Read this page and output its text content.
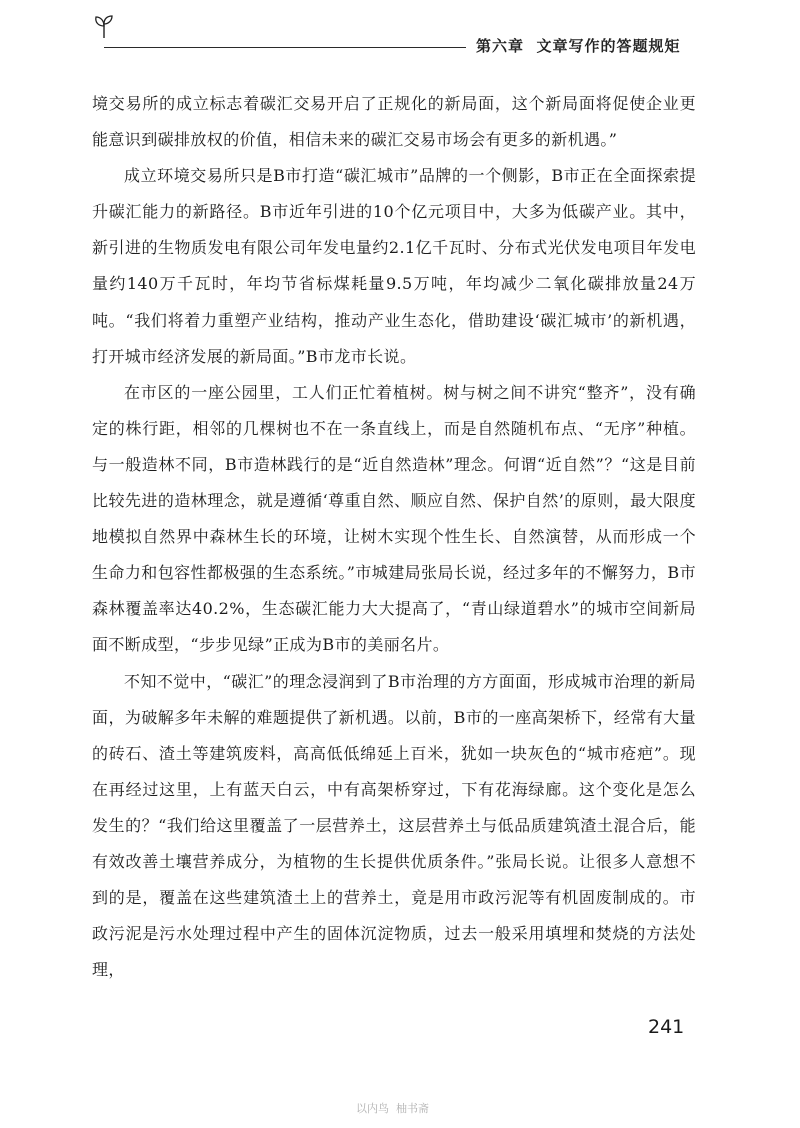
第六章  文章写作的答题规矩

境交易所的成立标志着碳汇交易开启了正规化的新局面，这个新局面将促使企业更能意识到碳排放权的价值，相信未来的碳汇交易市场会有更多的新机遇。”

成立环境交易所只是B市打造“碳汇城市”品牌的一个侧影，B市正在全面探索提升碳汇能力的新路径。B市近年引进的10个亿元项目中，大多为低碳产业。其中，新引进的生物质发电有限公司年发电量约2.1亿千瓦时、分布式光伏发电项目年发电量约140万千瓦时，年均节省标煤耗量9.5万吨，年均减少二氧化碳排放量24万吨。“我们将着力重塑产业结构，推动产业生态化，借助建设‘碳汇城市’的新机遇，打开城市经济发展的新局面。”B市龙市长说。

在市区的一座公园里，工人们正忙着植树。树与树之间不讲究“整齐”，没有确定的株行距，相邻的几棵树也不在一条直线上，而是自然随机布点、“无序”种植。与一般造林不同，B市造林践行的是“近自然造林”理念。何谓“近自然”？“这是目前比较先进的造林理念，就是遵循‘尊重自然、顺应自然、保护自然’的原则，最大限度地模拟自然界中森林生长的环境，让树木实现个性生长、自然演替，从而形成一个生命力和包容性都极强的生态系统。”市城建局张局长说，经过多年的不懈努力，B市森林覆盖率达40.2%，生态碳汇能力大大提高了，“青山绿道碧水”的城市空间新局面不断成型，“步步见绿”正成为B市的美丽名片。

不知不觉中，“碳汇”的理念浸润到了B市治理的方方面面，形成城市治理的新局面，为破解多年未解的难题提供了新机遇。以前，B市的一座高架桥下，经常有大量的砖石、渣土等建筑废料，高高低低绵延上百米，犹如一块灰色的“城市疮疤”。现在再经过这里，上有蓝天白云，中有高架桥穿过，下有花海绿廊。这个变化是怎么发生的？“我们给这里覆盖了一层营养土，这层营养土与低品质建筑渣土混合后，能有效改善土壤营养成分，为植物的生长提供优质条件。”张局长说。让很多人意想不到的是，覆盖在这些建筑渣土上的营养土，竟是用市政污泥等有机固废制成的。市政污泥是污水处理过程中产生的固体沉淀物质，过去一般采用填埋和焚烧的方法处理，

241
以内鸟  柚书斋
